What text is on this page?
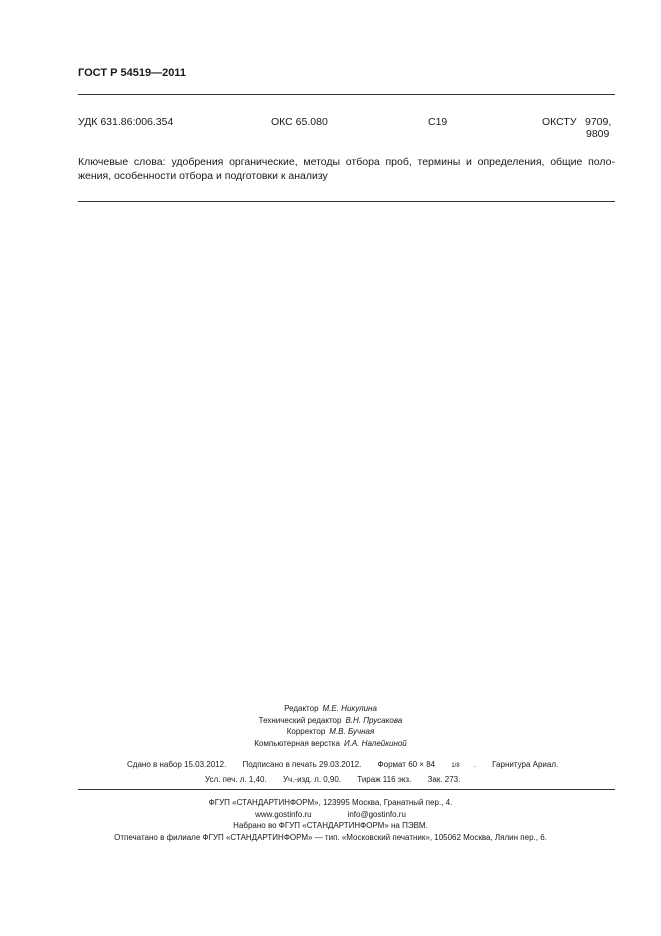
ГОСТ Р 54519—2011
УДК 631.86:006.354	ОКС 65.080	С19	ОКСТУ 9709,
9809
Ключевые слова: удобрения органические, методы отбора проб, термины и определения, общие поло-
жения, особенности отбора и подготовки к анализу
Редактор М.Е. Никулина
Технический редактор В.Н. Прусакова
Корректор М.В. Бучная
Компьютерная верстка И.А. Налейкиной
Сдано в набор 15.03.2012. Подписано в печать 29.03.2012. Формат 60 × 84	1/8 . Гарнитура Ариал.
Усл. печ. л. 1,40. Уч.-изд. л. 0,90. Тираж 116 экз. Зак. 273.
ФГУП «СТАНДАРТИНФОРМ», 123995 Москва, Гранатный пер., 4.
www.gostinfo.ru	info@gostinfo.ru
Набрано во ФГУП «СТАНДАРТИНФОРМ» на ПЭВМ.
Отпечатано в филиале ФГУП «СТАНДАРТИНФОРМ» — тип. «Московский печатник», 105062 Москва, Лялин пер., 6.
